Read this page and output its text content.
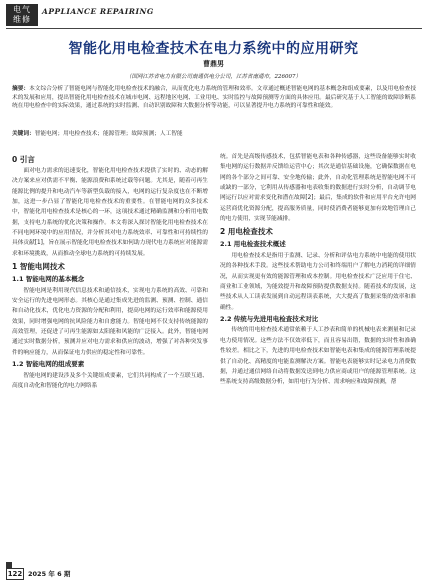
电气
维修
APPLIANCE REPAIRING
智能化用电检查技术在电力系统中的应用研究
曹鼎男
（国网江苏省电力有限公司南通供电分公司，江苏省南通市，226007）
摘要：本文综合分析了智能电网与智能化用电检查技术的融合，从而优化电力系统的管理和效率。文章通过概述智能电网的基本概念和组成要素，以及用电检查技术的发展和应用，提出智能化用电检查技术在城市电网、远程地区电网、工业用电、实时监控与故障预测等方面的具体应用。最后研究基于人工智能的故障诊断系统在用电检查中的实际效果，通过系统的实时监测、自动识别故障和大数据分析等功能，可以显著提升电力系统的可靠性和能效。
关键词：智能电网；用电检查技术；能源管理；故障预测；人工智能
0 引言

面对电力需求的迅速变化，智能化用电检查技术提供了实时的、动态的解决方案来应对供需不平衡、能源浪费和系统过载等问题。尤其是，随着可再生能源比例的提升和电动汽车等新型负载的接入，电网的运行复杂度也在不断增加，这进一步凸显了智能化用电检查技术的重要性。在智能电网的众多技术中，智能化用电检查技术是核心的一环，这项技术通过精确监测和分析用电数据，支持电力系统的优化决策和操作。本文将深入探讨智能化用电检查技术在不同电网环境中的应用情况，并分析其对电力系统效率、可靠性和可持续性的具体贡献[1]，旨在展示智能化用电检查技术如何助力现代电力系统应对能源需求和环境挑战，从而推动全球电力系统的可持续发展。

1 智能电网技术
1.1 智能电网的基本概念

智能电网是利用现代信息技术和通信技术，实现电力系统的高效、可靠和安全运行的先进电网形态。其核心是通过集成先进的监测、预测、控制、通信和自动化技术，优化电力资源的分配和利用，提高电网的运行效率和能源使用效果，同时增强电网的抗风险能力和自愈能力。智能电网不仅支持传统能源的高效管理，还促进了可再生能源如太阳能和风能的广泛接入。此外，智能电网通过实时数据分析，预测并应对电力需求和供应的波动，增强了对各种突发事件的响应能力，从而保证电力供应的稳定性和可靠性。

1.2 智能电网的组成要素

智能电网的建设涉及多个关键组成要素，它们共同构成了一个互联互通、高度自动化和智能化的电力网络系

统。首先是高级传感技术，包括智能电表和各种传感器，这些设备能够实时收集电网的运行数据并反馈给运营中心；其次是通信基础设施，它确保数据在电网的各个部分之间可靠、安全地传输；此外，自动化管理系统是智能电网不可或缺的一部分，它利用从传感器和电表收集的数据进行实时分析，自动调节电网运行以应对需求变化和潜在故障[2]；最后，集成的软件和应用平台允许电网运营商优化资源分配，提高服务质量，同时使消费者能够更加有效地管理自己的电力使用，实现节能减排。

2 用电检查技术
2.1 用电检查技术概述

用电检查技术是指用于监测、记录、分析和评估电力系统中电能的使用状况的各种技术手段。这些技术帮助电力公司和终端用户了解电力消耗的详细情况，从而实现更有效的能源管理和成本控制。用电检查技术广泛应用于住宅、商业和工业领域，为能效提升和故障预防提供数据支持。随着技术的发展，这些技术从人工读表发展到自动远程读表系统，大大提高了数据采集的效率和准确性。

2.2 传统与先进用电检查技术对比

传统的用电检查技术通常依赖于人工抄表和简单的机械电表来测量和记录电力使用情况。这些方法不仅效率低下，而且容易出错，数据的实时性和准确性较差。相比之下，先进的用电检查技术如智能电表和集成的能源管理系统提供了自动化、高精度的电能监测解决方案。智能电表能够实时记录电力消费数据，并通过通信网络自动将数据发送到电力供应商或用户的能源管理系统。这些系统支持高级数据分析，如用电行为分析、需求响应和故障预测，帮

122 2025 年 6 期
